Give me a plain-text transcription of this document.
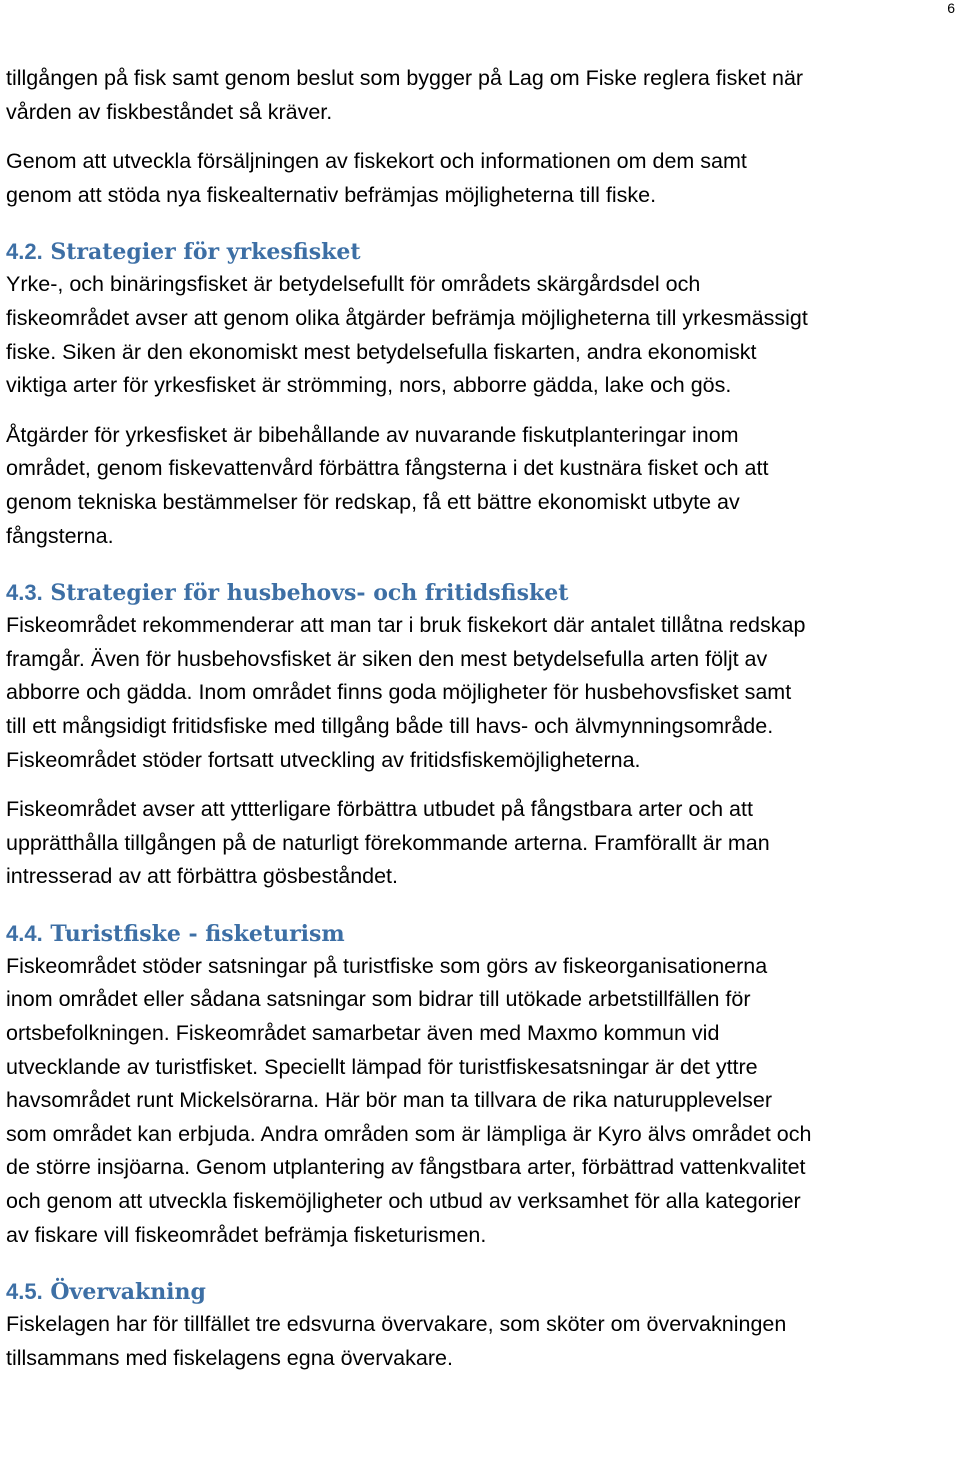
6

tillgången på fisk samt genom beslut som bygger på Lag om Fiske reglera fisket när

vården av fiskbeståndet så kräver.

Genom att utveckla försäljningen av fiskekort och informationen om dem samt

genom att stöda nya fiskealternativ befrämjas möjligheterna till fiske.

4.2. Strategier för yrkesfisket

Yrke-, och binäringsfisket är betydelsefullt för områdets skärgårdsdel och

fiskeområdet avser att genom olika åtgärder befrämja möjligheterna till yrkesmässigt

fiske. Siken är den ekonomiskt mest betydelsefulla fiskarten, andra ekonomiskt

viktiga arter för yrkesfisket är strömming, nors, abborre gädda, lake och gös.

Åtgärder för yrkesfisket är bibehållande av nuvarande fiskutplanteringar inom

området, genom fiskevattenvård förbättra fångsterna i det kustnära fisket och att

genom tekniska bestämmelser för redskap, få ett bättre ekonomiskt utbyte av

fångsterna.

4.3. Strategier för husbehovs- och fritidsfisket

Fiskeområdet rekommenderar att man tar i bruk fiskekort där antalet tillåtna redskap

framgår. Även för husbehovsfisket är siken den mest betydelsefulla arten följt av

abborre och gädda. Inom området finns goda möjligheter för husbehovsfisket samt

till ett mångsidigt fritidsfiske med tillgång både till havs- och älvmynningsområde.

Fiskeområdet stöder fortsatt utveckling av fritidsfiskemöjligheterna.

Fiskeområdet avser att yttterligare förbättra utbudet på fångstbara arter och att

upprätthålla tillgången på de naturligt förekommande arterna. Framförallt är man

intresserad av att förbättra gösbeståndet.

4.4. Turistfiske - fisketurism

Fiskeområdet stöder satsningar på turistfiske som görs av fiskeorganisationerna

inom området eller sådana satsningar som bidrar till utökade arbetstillfällen för

ortsbefolkningen. Fiskeområdet samarbetar även med Maxmo kommun vid

utvecklande av turistfisket. Speciellt lämpad för turistfiskesatsningar är det yttre

havsområdet runt Mickelsörarna. Här bör man ta tillvara de rika naturupplevelser

som området kan erbjuda. Andra områden som är lämpliga är Kyro älvs området och

de större insjöarna. Genom utplantering av fångstbara arter, förbättrad vattenkvalitet

och genom att utveckla fiskemöjligheter och utbud av verksamhet för alla kategorier

av fiskare vill fiskeområdet befrämja fisketurismen.

4.5. Övervakning

Fiskelagen har för tillfället tre edsvurna övervakare, som sköter om övervakningen

tillsammans med fiskelagens egna övervakare.
